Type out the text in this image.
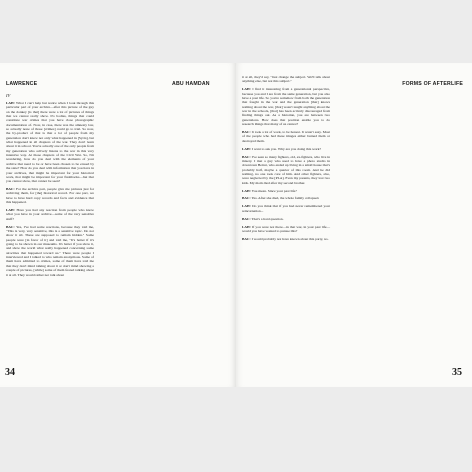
LAWRENCE	ABU HAMDAN
IV

LAH: What I can't help but notice when I look through this particular part of your archive—after this picture of the guy on the donkey [is that] there were a lot of pictures of things that we cannot really show. It's bodies, things that could constitute war crimes that you have close photographic documentation of. Now, in case, there was the amnesty law, so actually none of those [crimes] could go to trial. So now, the by-product of that is that a lot of people from my generation don't know not only what happened in [Syria], but what happened in all chapters of the war. They don't learn about it in school. You're actually one of the only people from my generation who actively listens to the war in this very intensive way. At those chapters of the Civil War. So, I'm wondering, how do you deal with the elements of your archive that need to be or have been chosen to be erased by the state? How do you deal with information that you have in your archives, that might be important for your historical work, that might be important for your flashbacks—but that you cannot show, that cannot be seen?

BAC: For the archive part, people give me pictures just for archiving them, for [the] historical record. For one part, we have to have hard copy records and facts and evidence that this happened.

LAH: Have you had any reaction from people who know what you have in your archive—some of the very sensitive stuff?

BAC: Yes, I've had some reactions, because they told me, "This is very, very sensitive, this is a sensitive topic. Do not show it all. These are supposed to remain hidden." Some people were [in favor of it] and told me, "It's better if it's going to be shown in our museums. It's better if you show it, and show the world what really happened concerning some atrocities that happened toward us." There were people I interviewed and I talked to who remain anonymous. Some of them have admitted to crimes, some of them have told me that they don't mind talking about it or don't mind showing a couple of pictures, [while] some of them feared talking about it at all. They would rather not talk about

34
FORMS OF AFTERLIFE

it at all, they'd say, "Just change the subject. We'll talk about anything else, but not this subject."

LAH: I find it interesting from a generational perspective, because you and I are from the same generation, but you also have a past life. So you're somehow from both the generation that fought in the war and the generation [that] knows nothing about the war, [that] wasn't taught anything about the war in the schools, [that] has been actively discouraged from finding things out. As a historian, you are between two generations. How does that position enable you to do research things that many of us cannot?

BAC: It took a lot of work, to be honest. It wasn't easy. Most of the people who had these images either burned them or destroyed them.

LAH: I want to ask you. Why are you doing this work?

BAC: I've seen so many fighters, old, ex-fighters, who live in misery. I met a guy who used to have a photo studio in downtown Beirut, who ended up living in a small house that's probably half, maybe a quarter of this room. And he did nothing, no one took care of him. And other fighters, also, were neglected by the [PLA]. Even my parents, they lost two kids. My mom died after my second brother.

LAH: You mean. Since your past life?

BAC: Yes. After she died, the whole family collapsed.

LAH: Do you think that if you had never remembered your reincarnation...

BAC: That's a hard question.

LAH: If you were not there—in that war, in your past life—would you have wanted to pursue this?

BAC: I would probably not have known about this party, no.

35
